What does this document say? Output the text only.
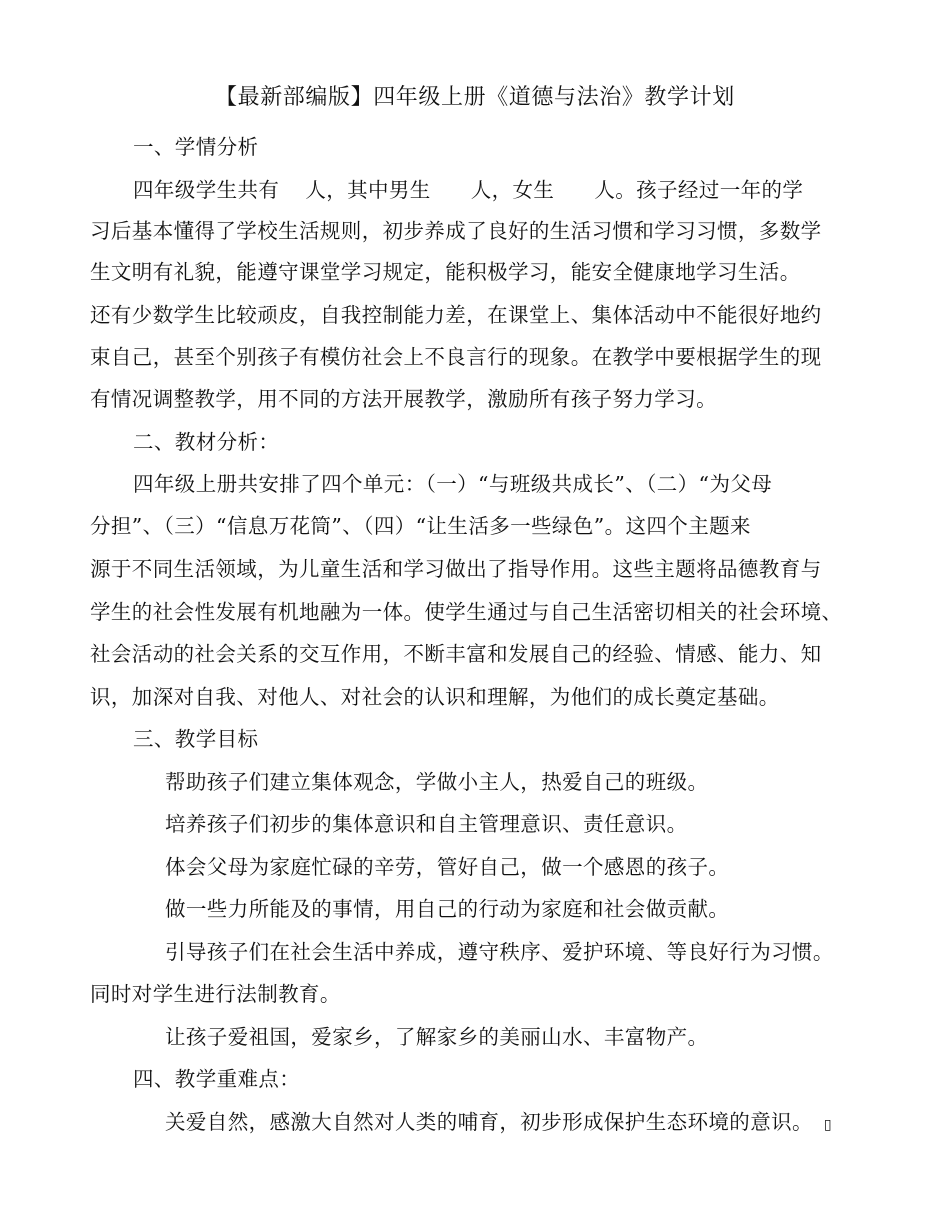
【最新部编版】四年级上册《道德与法治》教学计划
一、学情分析
四年级学生共有 人，其中男生 人，女生 人。孩子经过一年的学
习后基本懂得了学校生活规则，初步养成了良好的生活习惯和学习习惯，多数学
生文明有礼貌，能遵守课堂学习规定，能积极学习，能安全健康地学习生活。
还有少数学生比较顽皮，自我控制能力差，在课堂上、集体活动中不能很好地约
束自己，甚至个别孩子有模仿社会上不良言行的现象。在教学中要根据学生的现
有情况调整教学，用不同的方法开展教学，激励所有孩子努力学习。
二、教材分析：
四年级上册共安排了四个单元：（一）“与班级共成长”、（二）“为父母
分担”、（三）“信息万花筒”、（四）“让生活多一些绿色”。这四个主题来
源于不同生活领域，为儿童生活和学习做出了指导作用。这些主题将品德教育与
学生的社会性发展有机地融为一体。使学生通过与自己生活密切相关的社会环境、
社会活动的社会关系的交互作用，不断丰富和发展自己的经验、情感、能力、知
识，加深对自我、对他人、对社会的认识和理解，为他们的成长奠定基础。
三、教学目标
帮助孩子们建立集体观念，学做小主人，热爱自己的班级。
培养孩子们初步的集体意识和自主管理意识、责任意识。
体会父母为家庭忙碌的辛劳，管好自己，做一个感恩的孩子。
做一些力所能及的事情，用自己的行动为家庭和社会做贡献。
引导孩子们在社会生活中养成，遵守秩序、爱护环境、等良好行为习惯。
同时对学生进行法制教育。
让孩子爱祖国，爱家乡，了解家乡的美丽山水、丰富物产。
四、教学重难点：
关爱自然，感激大自然对人类的哺育，初步形成保护生态环境的意识。 ▯
